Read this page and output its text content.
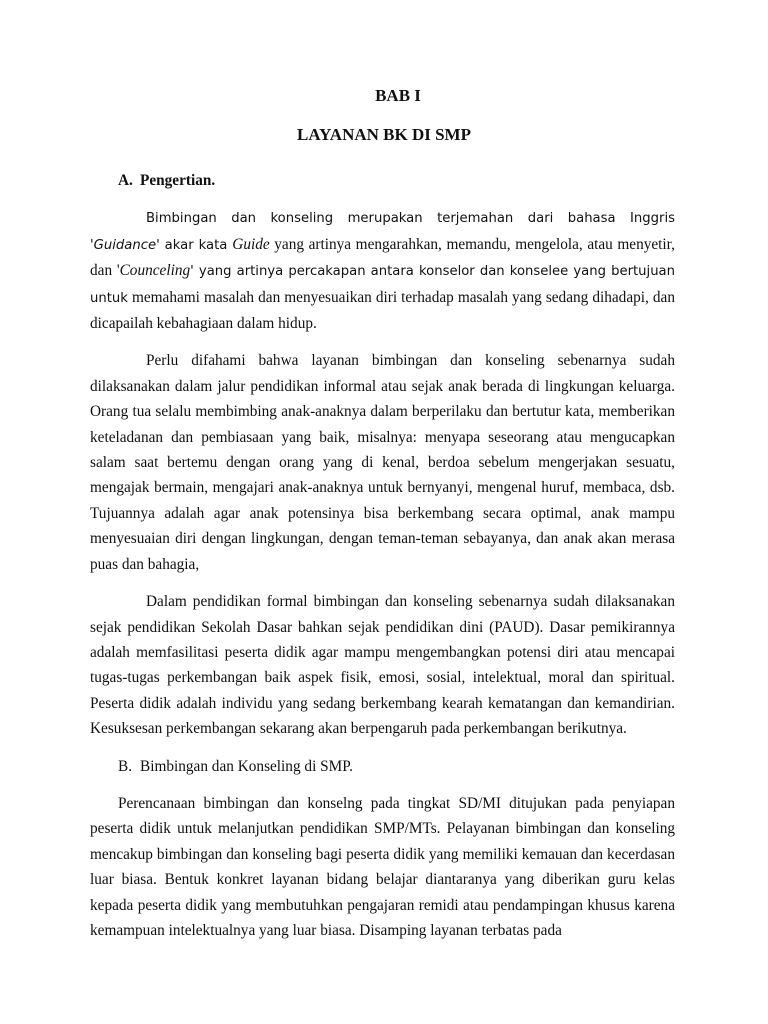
BAB I
LAYANAN BK DI SMP
A. Pengertian.

Bimbingan dan konseling merupakan terjemahan dari bahasa Inggris 'Guidance' akar kata Guide yang artinya mengarahkan, memandu, mengelola, atau menyetir, dan 'Counceling' yang artinya percakapan antara konselor dan konselee yang bertujuan untuk memahami masalah dan menyesuaikan diri terhadap masalah yang sedang dihadapi, dan dicapailah kebahagiaan dalam hidup.

Perlu difahami bahwa layanan bimbingan dan konseling sebenarnya sudah dilaksanakan dalam jalur pendidikan informal atau sejak anak berada di lingkungan keluarga. Orang tua selalu membimbing anak-anaknya dalam berperilaku dan bertutur kata, memberikan keteladanan dan pembiasaan yang baik, misalnya: menyapa seseorang atau mengucapkan salam saat bertemu dengan orang yang di kenal, berdoa sebelum mengerjakan sesuatu, mengajak bermain, mengajari anak-anaknya untuk bernyanyi, mengenal huruf, membaca, dsb. Tujuannya adalah agar anak potensinya bisa berkembang secara optimal, anak mampu menyesuaian diri dengan lingkungan, dengan teman-teman sebayanya, dan anak akan merasa puas dan bahagia,

Dalam pendidikan formal bimbingan dan konseling sebenarnya sudah dilaksanakan sejak pendidikan Sekolah Dasar bahkan sejak pendidikan dini (PAUD). Dasar pemikirannya adalah memfasilitasi peserta didik agar mampu mengembangkan potensi diri atau mencapai tugas-tugas perkembangan baik aspek fisik, emosi, sosial, intelektual, moral dan spiritual. Peserta didik adalah individu yang sedang berkembang kearah kematangan dan kemandirian. Kesuksesan perkembangan sekarang akan berpengaruh pada perkembangan berikutnya.

B. Bimbingan dan Konseling di SMP.

Perencanaan bimbingan dan konselng pada tingkat SD/MI ditujukan pada penyiapan peserta didik untuk melanjutkan pendidikan SMP/MTs. Pelayanan bimbingan dan konseling mencakup bimbingan dan konseling bagi peserta didik yang memiliki kemauan dan kecerdasan luar biasa. Bentuk konkret layanan bidang belajar diantaranya yang diberikan guru kelas kepada peserta didik yang membutuhkan pengajaran remidi atau pendampingan khusus karena kemampuan intelektualnya yang luar biasa. Disamping layanan terbatas pada
